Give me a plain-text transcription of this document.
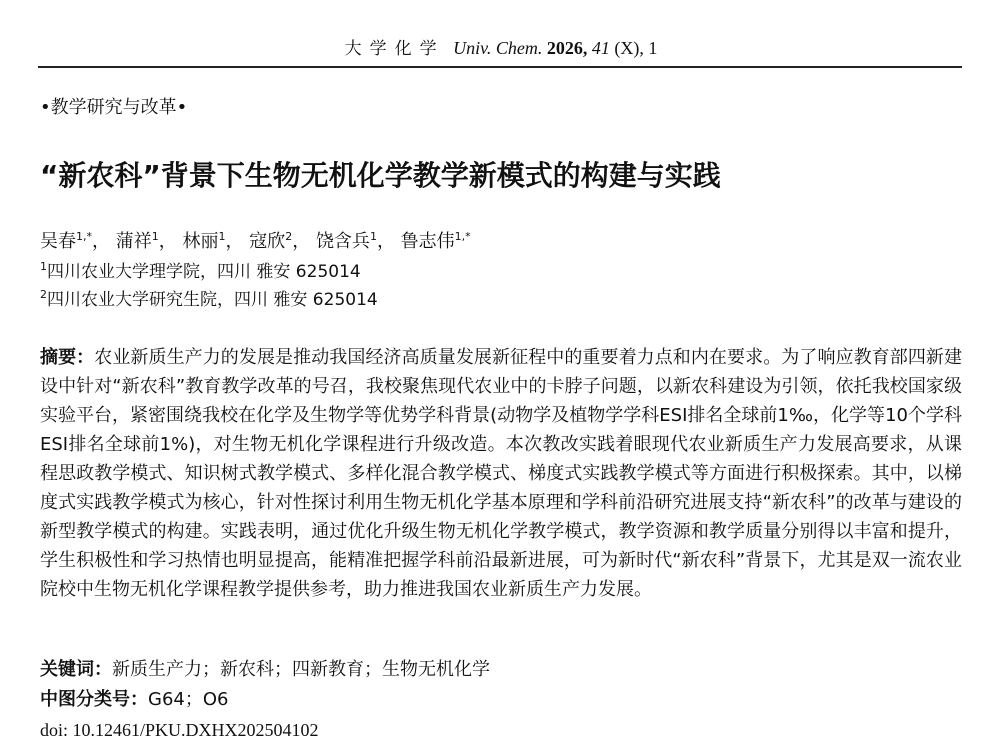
大学化学 Univ. Chem. 2026, 41 (X), 1
•教学研究与改革•
“新农科”背景下生物无机化学教学新模式的构建与实践
吴春$^{1,*}$， 蒲祥$^1$， 林丽$^1$， 寇欣$^2$， 饶含兵$^1$， 鲁志伟$^{1,*}$
$^1$四川农业大学理学院，四川 雅安 625014
$^2$四川农业大学研究生院，四川 雅安 625014
摘要：农业新质生产力的发展是推动我国经济高质量发展新征程中的重要着力点和内在要求。为了响应教育部四新建设中针对“新农科”教育教学改革的号召，我校聚焦现代农业中的卡脖子问题，以新农科建设为引领，依托我校国家级实验平台，紧密围绕我校在化学及生物学等优势学科背景(动物学及植物学学科ESI排名全球前1‰，化学等10个学科ESI排名全球前1%)，对生物无机化学课程进行升级改造。本次教改实践着眼现代农业新质生产力发展高要求，从课程思政教学模式、知识树式教学模式、多样化混合教学模式、梯度式实践教学模式等方面进行积极探索。其中，以梯度式实践教学模式为核心，针对性探讨利用生物无机化学基本原理和学科前沿研究进展支持“新农科”的改革与建设的新型教学模式的构建。实践表明，通过优化升级生物无机化学教学模式，教学资源和教学质量分别得以丰富和提升，学生积极性和学习热情也明显提高，能精准把握学科前沿最新进展，可为新时代“新农科”背景下，尤其是双一流农业院校中生物无机化学课程教学提供参考，助力推进我国农业新质生产力发展。
关键词：新质生产力；新农科；四新教育；生物无机化学
中图分类号：G64；O6
doi: 10.12461/PKU.DXHX202504102
